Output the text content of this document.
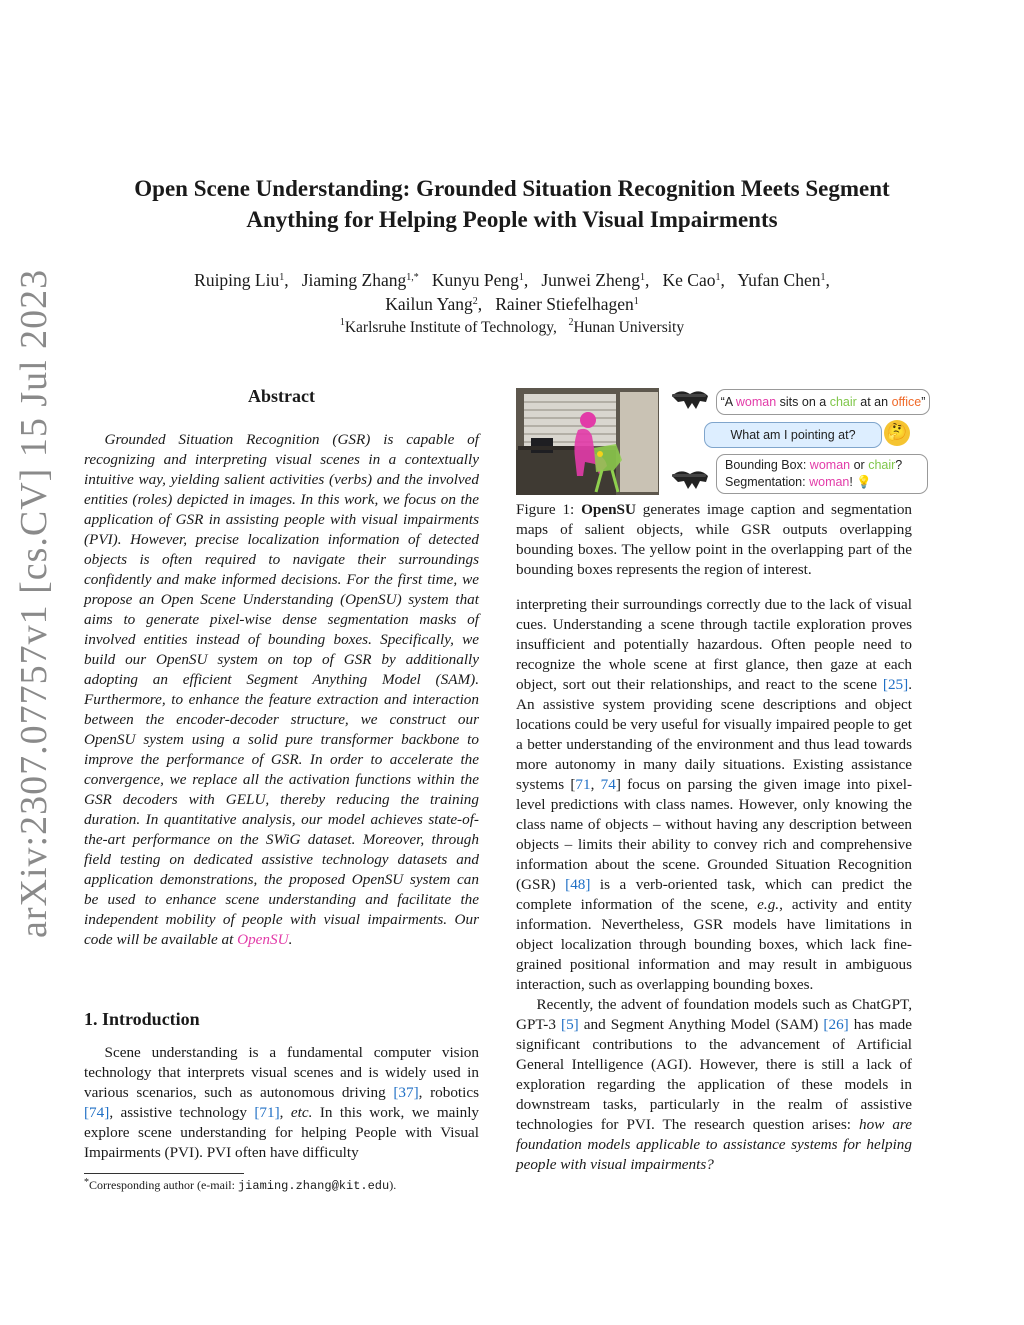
arXiv:2307.07757v1 [cs.CV] 15 Jul 2023
Open Scene Understanding: Grounded Situation Recognition Meets Segment
Anything for Helping People with Visual Impairments
Ruiping Liu$^1$,   Jiaming Zhang$^{1,*}$ Kunyu Peng$^1$,   Junwei Zheng$^1$,   Ke Cao$^1$,   Yufan Chen$^1$,
Kailun Yang$^2$,   Rainer Stiefelhagen$^1$
$^1$Karlsruhe Institute of Technology, $^2$Hunan University
Abstract

Grounded Situation Recognition (GSR) is capable of recognizing and interpreting visual scenes in a contextually intuitive way, yielding salient activities (verbs) and the involved entities (roles) depicted in images. In this work, we focus on the application of GSR in assisting people with visual impairments (PVI). However, precise localization information of detected objects is often required to navigate their surroundings confidently and make informed decisions. For the first time, we propose an Open Scene Understanding (OpenSU) system that aims to generate pixel-wise dense segmentation masks of involved entities instead of bounding boxes. Specifically, we build our OpenSU system on top of GSR by additionally adopting an efficient Segment Anything Model (SAM). Furthermore, to enhance the feature extraction and interaction between the encoder-decoder structure, we construct our OpenSU system using a solid pure transformer backbone to improve the performance of GSR. In order to accelerate the convergence, we replace all the activation functions within the GSR decoders with GELU, thereby reducing the training duration. In quantitative analysis, our model achieves state-of-the-art performance on the SWiG dataset. Moreover, through field testing on dedicated assistive technology datasets and application demonstrations, the proposed OpenSU system can be used to enhance scene understanding and facilitate the independent mobility of people with visual impairments. Our code will be available at OpenSU.

1. Introduction

Scene understanding is a fundamental computer vision technology that interprets visual scenes and is widely used in various scenarios, such as autonomous driving [37], robotics [74], assistive technology [71], etc. In this work, we mainly explore scene understanding for helping People with Visual Impairments (PVI). PVI often have difficulty

*Corresponding author (e-mail: jiaming.zhang@kit.edu).
“A woman sits on a chair at an office”
What am I pointing at?	🤔
Bounding Box: woman or chair?
Segmentation: woman! 💡

Figure 1: OpenSU generates image caption and segmentation maps of salient objects, while GSR outputs overlapping bounding boxes. The yellow point in the overlapping part of the bounding boxes represents the region of interest.

interpreting their surroundings correctly due to the lack of visual cues. Understanding a scene through tactile exploration proves insufficient and potentially hazardous. Often people need to recognize the whole scene at first glance, then gaze at each object, sort out their relationships, and react to the scene [25]. An assistive system providing scene descriptions and object locations could be very useful for visually impaired people to get a better understanding of the environment and thus lead towards more autonomy in many daily situations. Existing assistance systems [71, 74] focus on parsing the given image into pixel-level predictions with class names. However, only knowing the class name of objects – without having any description between objects – limits their ability to convey rich and comprehensive information about the scene. Grounded Situation Recognition (GSR) [48] is a verb-oriented task, which can predict the complete information of the scene, e.g., activity and entity information. Nevertheless, GSR models have limitations in object localization through bounding boxes, which lack fine-grained positional information and may result in ambiguous interaction, such as overlapping bounding boxes.

Recently, the advent of foundation models such as ChatGPT, GPT-3 [5] and Segment Anything Model (SAM) [26] has made significant contributions to the advancement of Artificial General Intelligence (AGI). However, there is still a lack of exploration regarding the application of these models in downstream tasks, particularly in the realm of assistive technologies for PVI. The research question arises: how are foundation models applicable to assistance systems for helping people with visual impairments?
